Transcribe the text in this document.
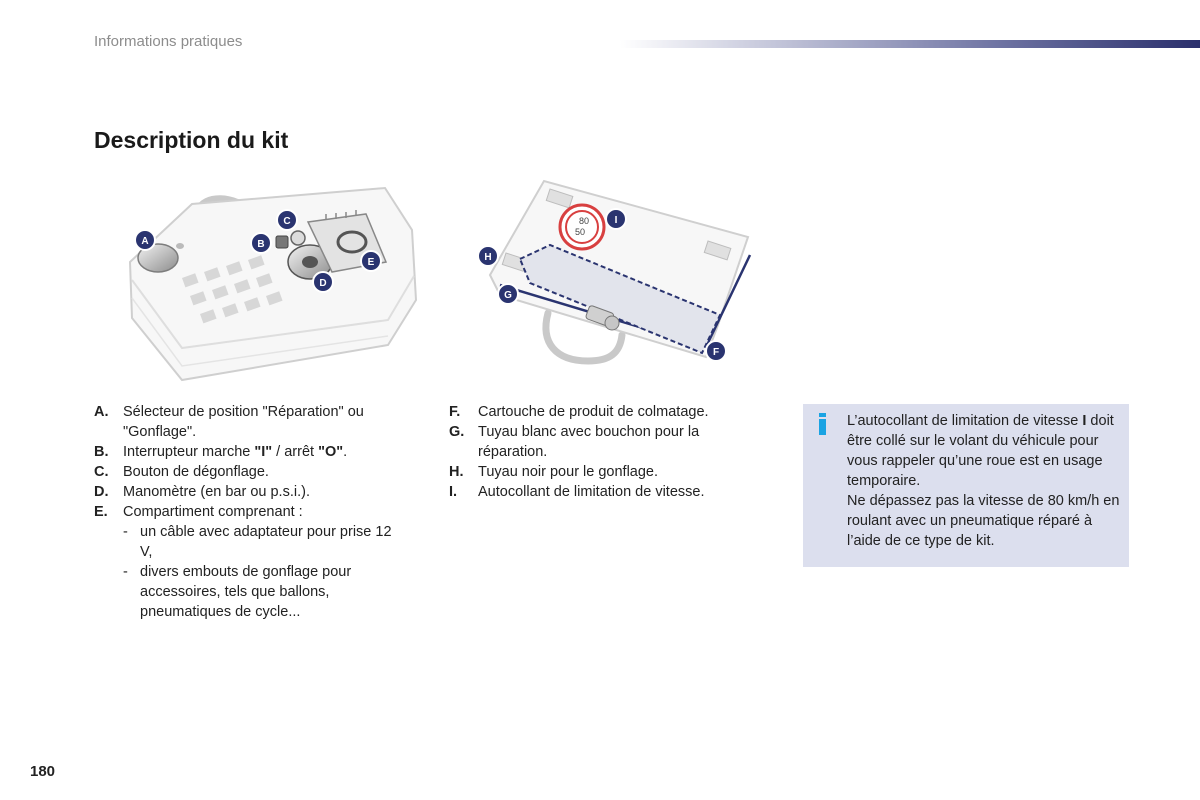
Informations pratiques
Description du kit
A	B
C
D
E
80
50
H
G
I
F
A.	Sélecteur de position "Réparation" ou "Gonflage".
B.	Interrupteur marche "I" / arrêt "O".
C.	Bouton de dégonflage.
D.	Manomètre (en bar ou p.s.i.).
E.	Compartiment comprenant :
- un câble avec adaptateur pour prise 12 V,
- divers embouts de gonflage pour accessoires, tels que ballons, pneumatiques de cycle...
F.	Cartouche de produit de colmatage.
G. Tuyau blanc avec bouchon pour la réparation.
H.	Tuyau noir pour le gonflage.
I.	Autocollant de limitation de vitesse.
L’autocollant de limitation de vitesse I doit être collé sur le volant du véhicule pour vous rappeler qu’une roue est en usage temporaire.
Ne dépassez pas la vitesse de 80 km/h en roulant avec un pneumatique réparé à l’aide de ce type de kit.
180
